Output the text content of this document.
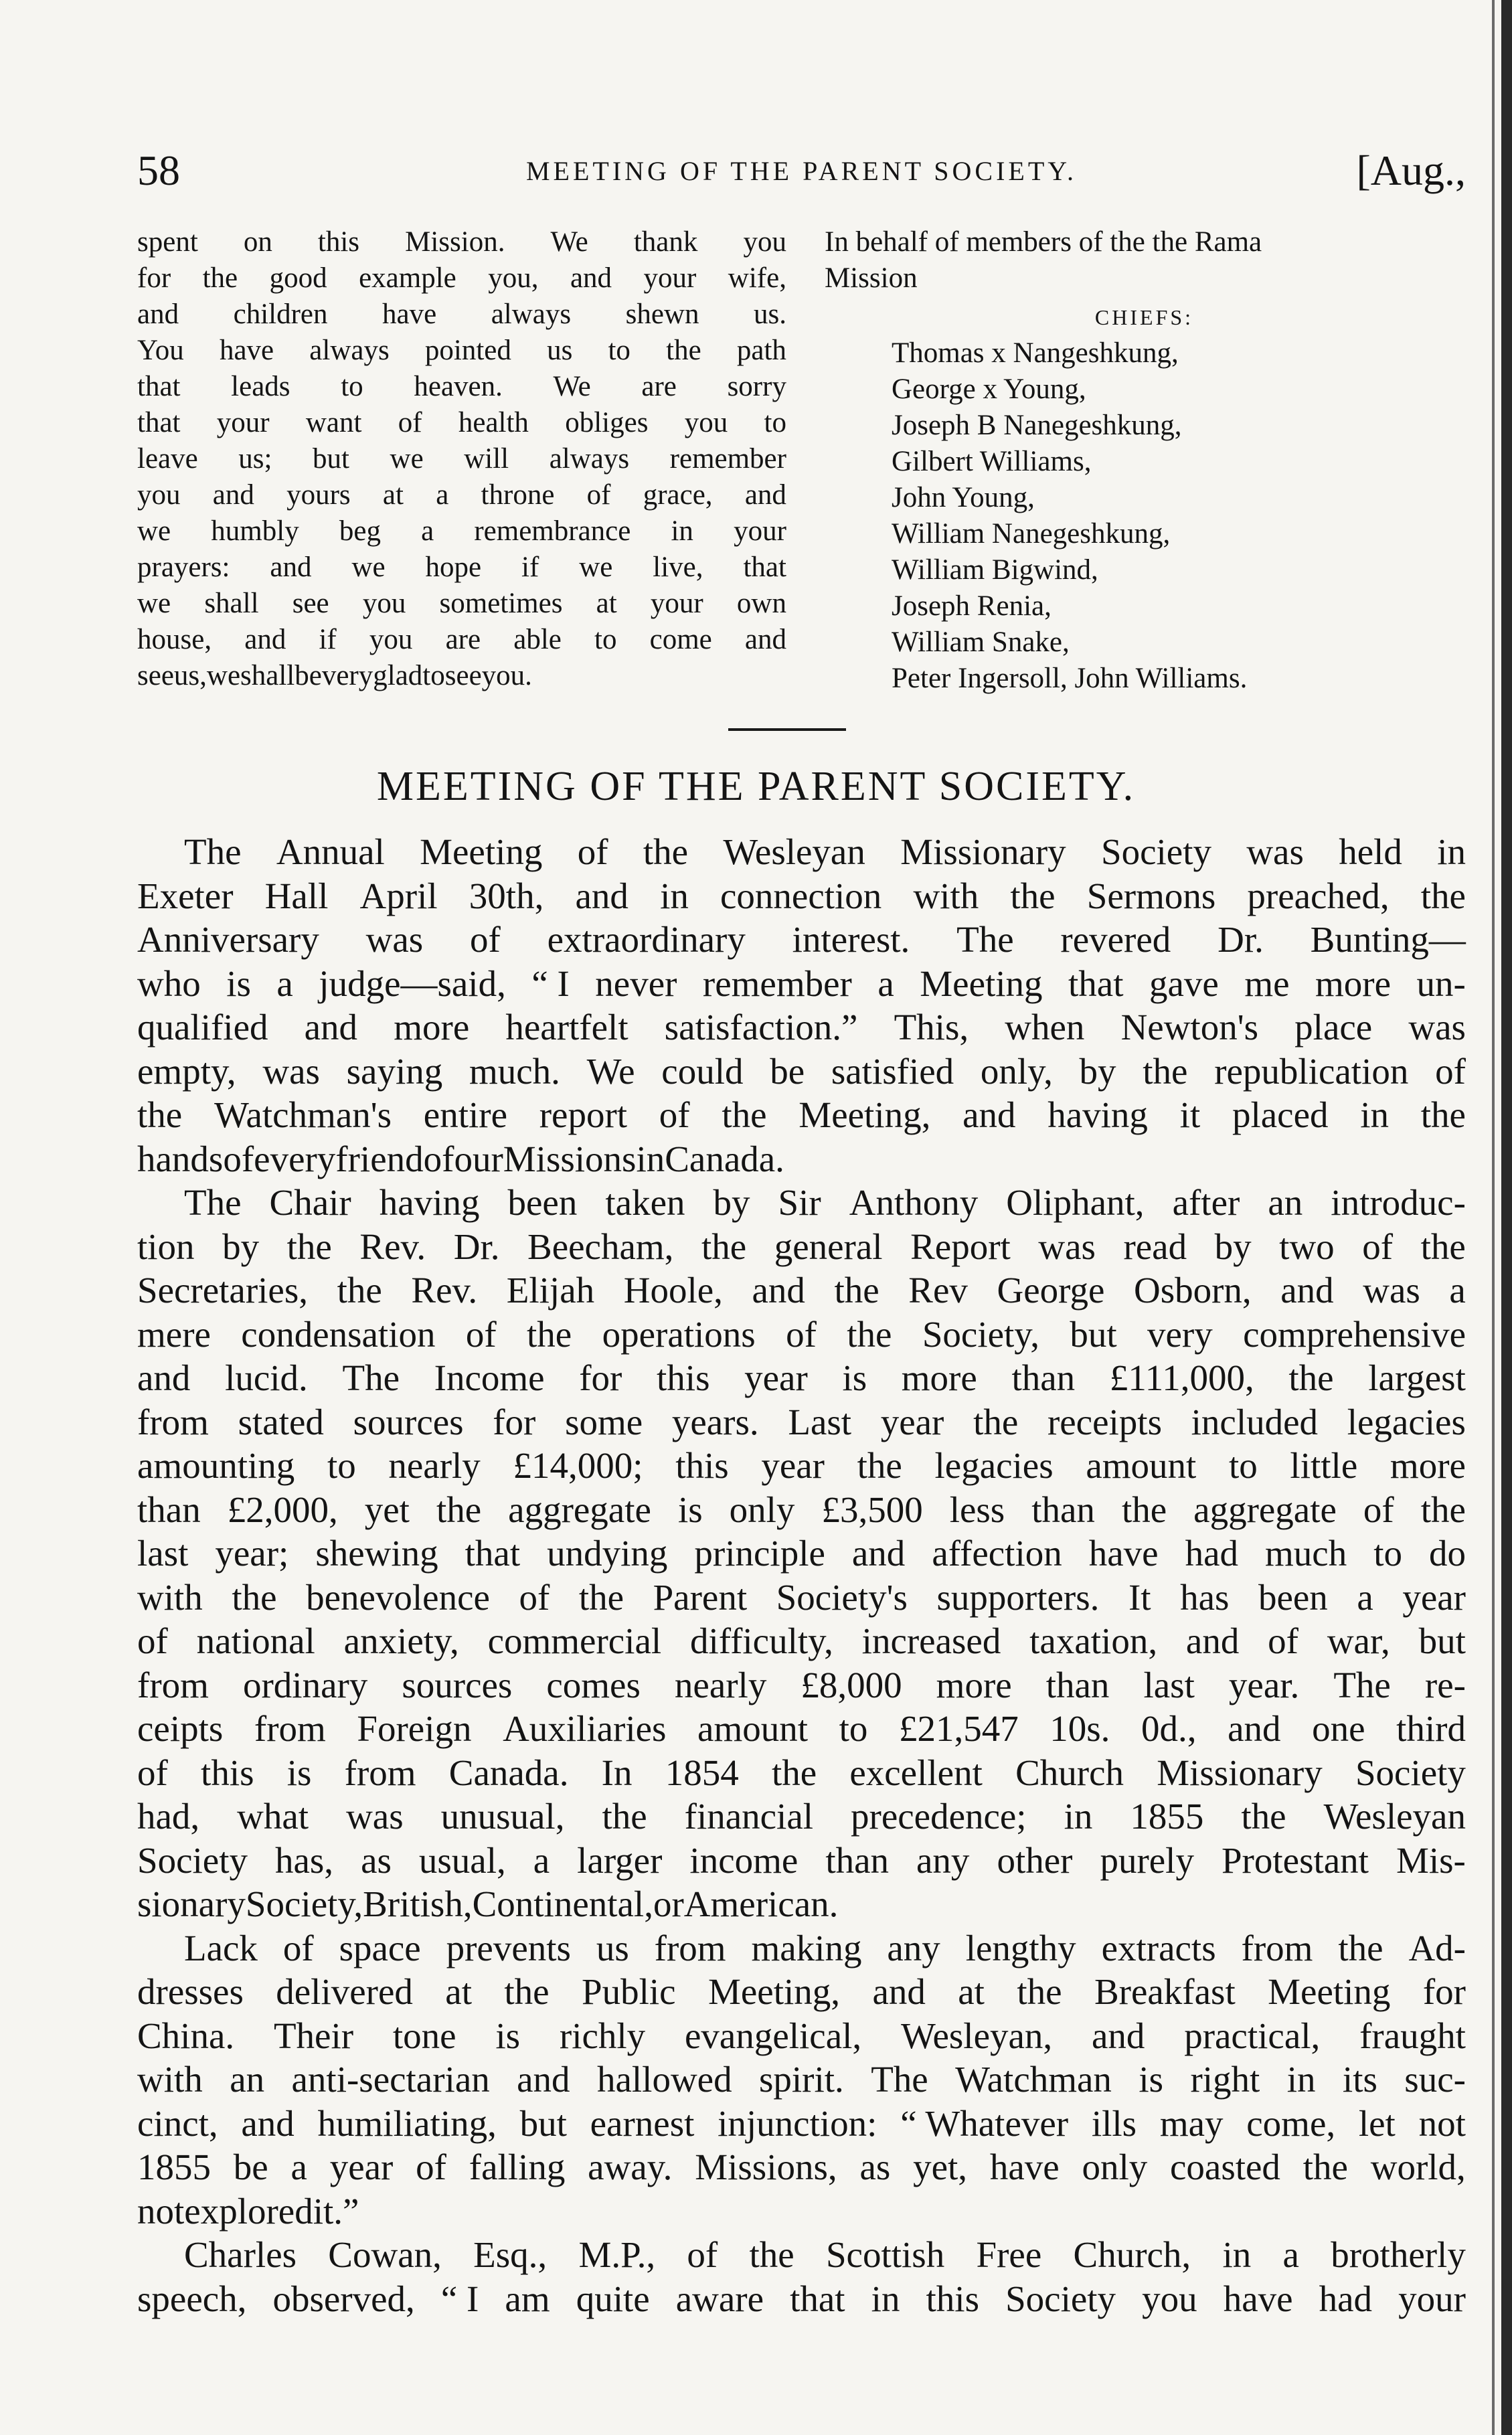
58	MEETING OF THE PARENT SOCIETY.	[Aug.,
spent on this Mission. We thank you
for the good example you, and your wife,
and children have always shewn us.
You have always pointed us to the path
that leads to heaven. We are sorry
that your want of health obliges you to
leave us; but we will always remember
you and yours at a throne of grace, and
we humbly beg a remembrance in your
prayers: and we hope if we live, that
we shall see you sometimes at your own
house, and if you are able to come and
see us, we shall be very glad to see you.
In behalf of members of the the Rama
Mission
CHIEFS:
Thomas x Nangeshkung,
George x Young,
Joseph B Nanegeshkung,
Gilbert Williams,
John Young,
William Nanegeshkung,
William Bigwind,
Joseph Renia,
William Snake,
Peter Ingersoll, John Williams.
MEETING OF THE PARENT SOCIETY.
The Annual Meeting of the Wesleyan Missionary Society was held in
Exeter Hall April 30th, and in connection with the Sermons preached, the
Anniversary was of extraordinary interest. The revered Dr. Bunting—
who is a judge—said, “ I never remember a Meeting that gave me more un-
qualified and more heartfelt satisfaction.” This, when Newton's place was
empty, was saying much. We could be satisfied only, by the republication of
the Watchman's entire report of the Meeting, and having it placed in the
hands of every friend of our Missions in Canada.
The Chair having been taken by Sir Anthony Oliphant, after an introduc-
tion by the Rev. Dr. Beecham, the general Report was read by two of the
Secretaries, the Rev. Elijah Hoole, and the Rev George Osborn, and was a
mere condensation of the operations of the Society, but very comprehensive
and lucid. The Income for this year is more than £111,000, the largest
from stated sources for some years. Last year the receipts included legacies
amounting to nearly £14,000; this year the legacies amount to little more
than £2,000, yet the aggregate is only £3,500 less than the aggregate of the
last year; shewing that undying principle and affection have had much to do
with the benevolence of the Parent Society's supporters. It has been a year
of national anxiety, commercial difficulty, increased taxation, and of war, but
from ordinary sources comes nearly £8,000 more than last year. The re-
ceipts from Foreign Auxiliaries amount to £21,547 10s. 0d., and one third
of this is from Canada. In 1854 the excellent Church Missionary Society
had, what was unusual, the financial precedence; in 1855 the Wesleyan
Society has, as usual, a larger income than any other purely Protestant Mis-
sionary Society, British, Continental, or American.
Lack of space prevents us from making any lengthy extracts from the Ad-
dresses delivered at the Public Meeting, and at the Breakfast Meeting for
China. Their tone is richly evangelical, Wesleyan, and practical, fraught
with an anti-sectarian and hallowed spirit. The Watchman is right in its suc-
cinct, and humiliating, but earnest injunction: “ Whatever ills may come, let not
1855 be a year of falling away. Missions, as yet, have only coasted the world,
not explored it.”
Charles Cowan, Esq., M.P., of the Scottish Free Church, in a brotherly
speech, observed, “ I am quite aware that in this Society you have had your
